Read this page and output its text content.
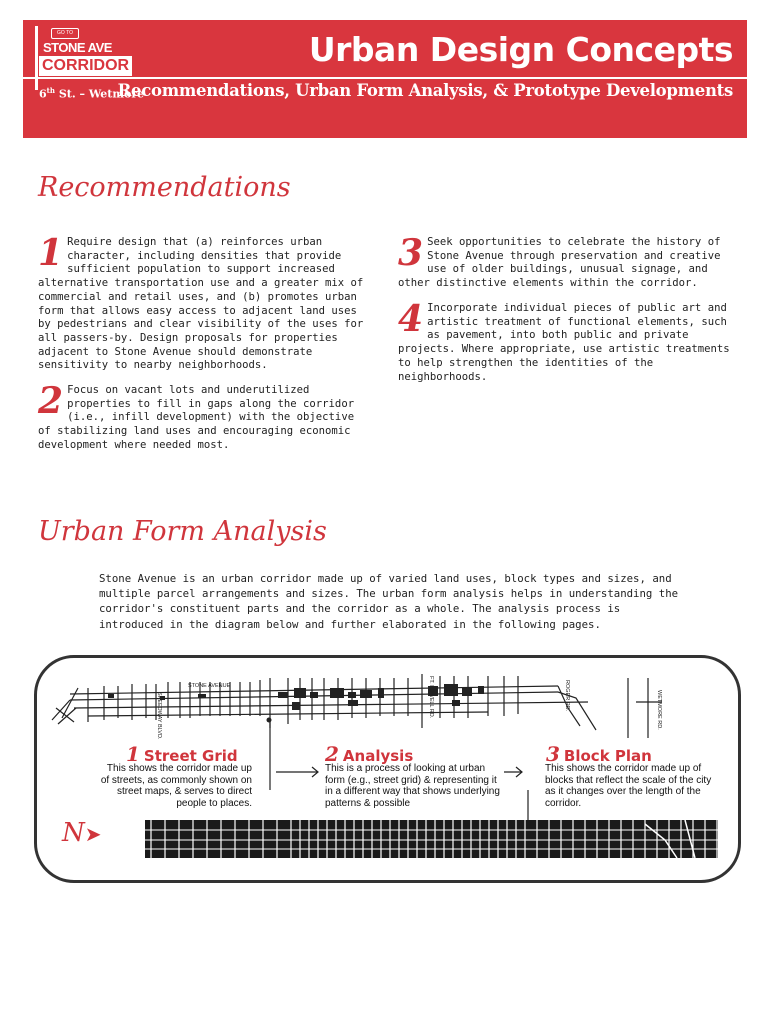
GO TO
STONE AVE
CORRIDOR	Urban Design Concepts
6th St. – Wetmore
Recommendations, Urban Form Analysis, & Prototype Developments
Recommendations
1 Require design that (a) reinforces urban character, including densities that provide sufficient population to support increased alternative transportation use and a greater mix of commercial and retail uses, and (b) promotes urban form that allows easy access to adjacent land uses by pedestrians and clear visibility of the uses for all passers-by. Design proposals for properties adjacent to Stone Avenue should demonstrate sensitivity to nearby neighborhoods.
2 Focus on vacant lots and underutilized properties to fill in gaps along the corridor (i.e., infill development) with the objective of stabilizing land uses and encouraging economic development where needed most.
3 Seek opportunities to celebrate the history of Stone Avenue through preservation and creative use of older buildings, unusual signage, and other distinctive elements within the corridor.
4 Incorporate individual pieces of public art and artistic treatment of functional elements, such as pavement, into both public and private projects. Where appropriate, use artistic treatments to help strengthen the identities of the neighborhoods.
Urban Form Analysis
Stone Avenue is an urban corridor made up of varied land uses, block types and sizes, and multiple parcel arrangements and sizes. The urban form analysis helps in understanding the corridor's constituent parts and the corridor as a whole. The analysis process is introduced in the diagram below and further elaborated in the following pages.
SPEEDWAY BLVD.
STONE AVENUE	FT. LOWELL RD.	ROGER RD.	WETMORE RD.
1 Street Grid
This shows the corridor made up of streets, as commonly shown on street maps, & serves to direct people to places.
2 Analysis
This is a process of looking at urban form (e.g., street grid) & representing it in a different way that shows underlying patterns & possible
3 Block Plan
This shows the corridor made up of blocks that reflect the scale of the city as it changes over the length of the corridor.
N➤
